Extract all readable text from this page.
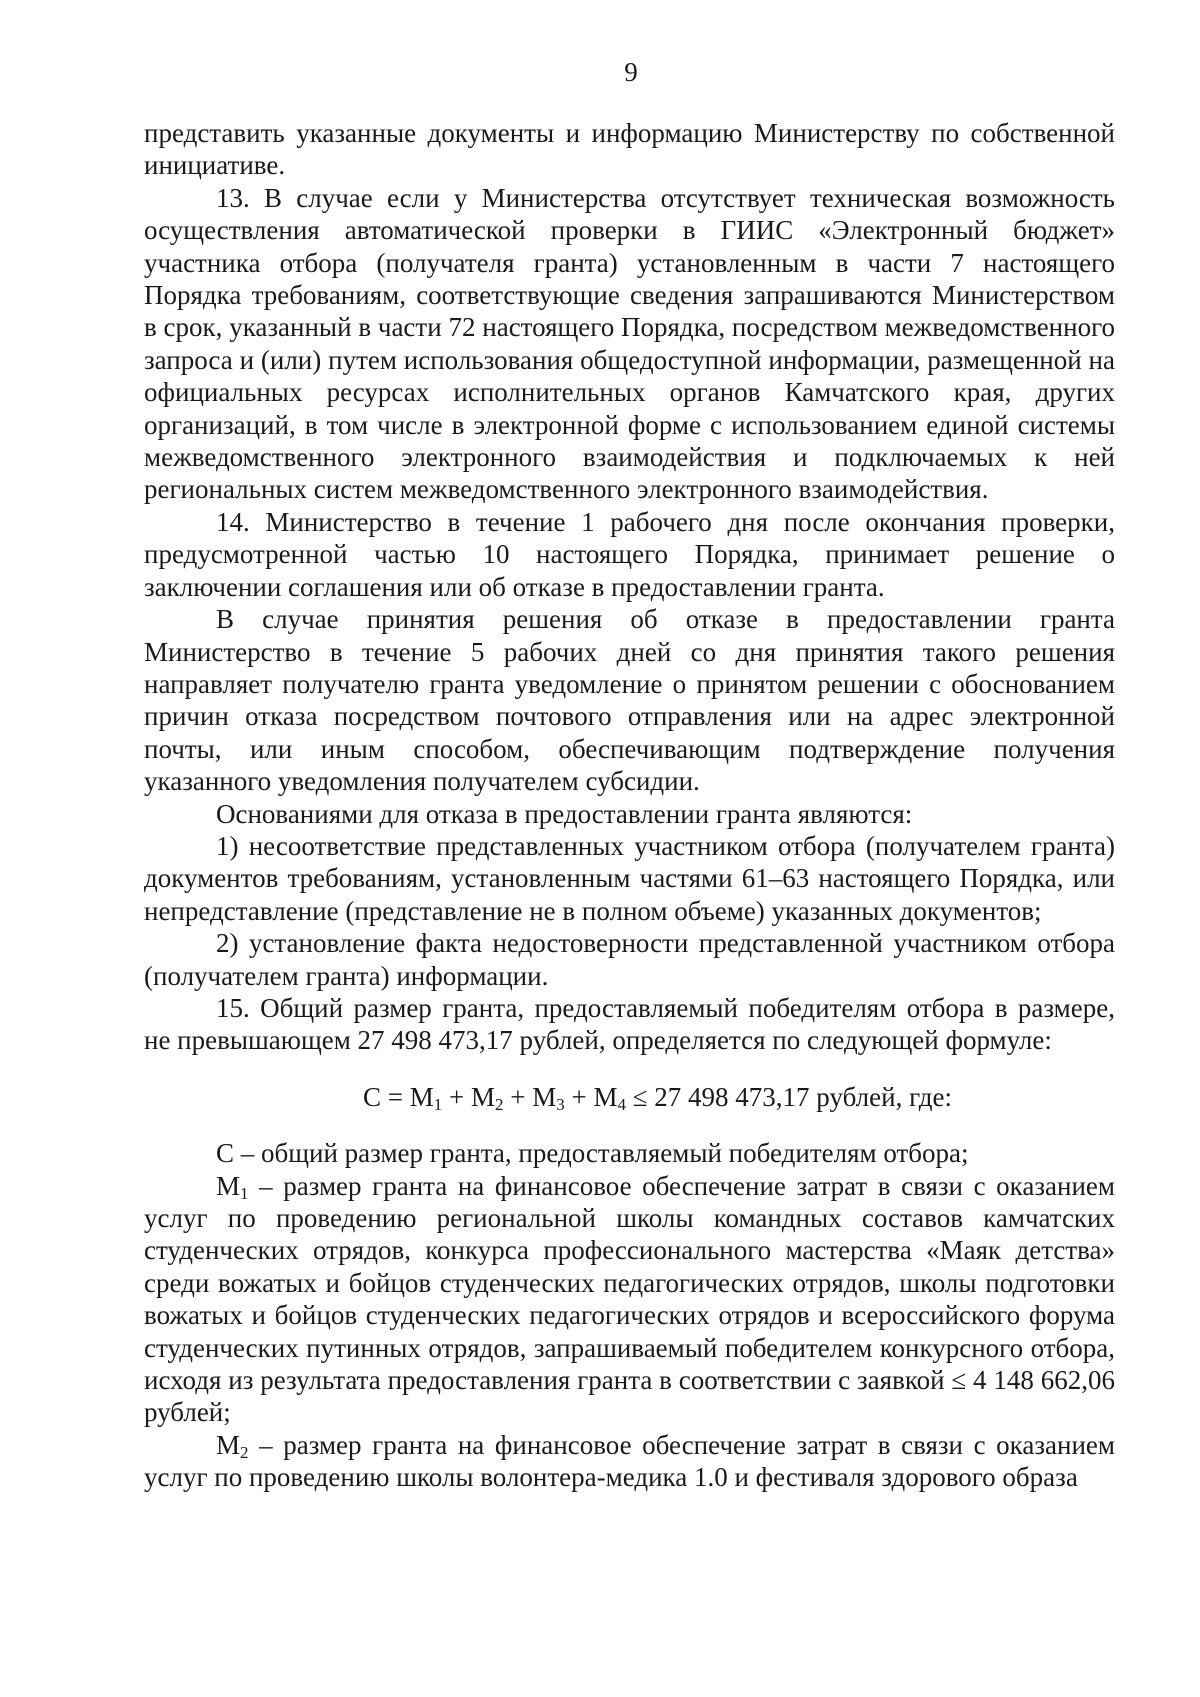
9

представить указанные документы и информацию Министерству по собственной инициативе.

13. В случае если у Министерства отсутствует техническая возможность осуществления автоматической проверки в ГИИС «Электронный бюджет» участника отбора (получателя гранта) установленным в части 7 настоящего Порядка требованиям, соответствующие сведения запрашиваются Министерством в срок, указанный в части 72 настоящего Порядка, посредством межведомственного запроса и (или) путем использования общедоступной информации, размещенной на официальных ресурсах исполнительных органов Камчатского края, других организаций, в том числе в электронной форме с использованием единой системы межведомственного электронного взаимодействия и подключаемых к ней региональных систем межведомственного электронного взаимодействия.

14. Министерство в течение 1 рабочего дня после окончания проверки, предусмотренной частью 10 настоящего Порядка, принимает решение о заключении соглашения или об отказе в предоставлении гранта.

В случае принятия решения об отказе в предоставлении гранта Министерство в течение 5 рабочих дней со дня принятия такого решения направляет получателю гранта уведомление о принятом решении с обоснованием причин отказа посредством почтового отправления или на адрес электронной почты, или иным способом, обеспечивающим подтверждение получения указанного уведомления получателем субсидии.

Основаниями для отказа в предоставлении гранта являются:

1) несоответствие представленных участником отбора (получателем гранта) документов требованиям, установленным частями 61–63 настоящего Порядка, или непредставление (представление не в полном объеме) указанных документов;

2) установление факта недостоверности представленной участником отбора (получателем гранта) информации.

15. Общий размер гранта, предоставляемый победителям отбора в размере, не превышающем 27 498 473,17 рублей, определяется по следующей формуле:

$С = М_1 + М_2 + М_3 + М_4 \le 27$ 498 473,17 рублей, где:

С – общий размер гранта, предоставляемый победителям отбора;

$М_1$ – размер гранта на финансовое обеспечение затрат в связи с оказанием услуг по проведению региональной школы командных составов камчатских студенческих отрядов, конкурса профессионального мастерства «Маяк детства» среди вожатых и бойцов студенческих педагогических отрядов, школы подготовки вожатых и бойцов студенческих педагогических отрядов и всероссийского форума студенческих путинных отрядов, запрашиваемый победителем конкурсного отбора, исходя из результата предоставления гранта в соответствии с заявкой ≤ 4 148 662,06 рублей;

$М_2$ – размер гранта на финансовое обеспечение затрат в связи с оказанием услуг по проведению школы волонтера-медика 1.0 и фестиваля здорового образа
